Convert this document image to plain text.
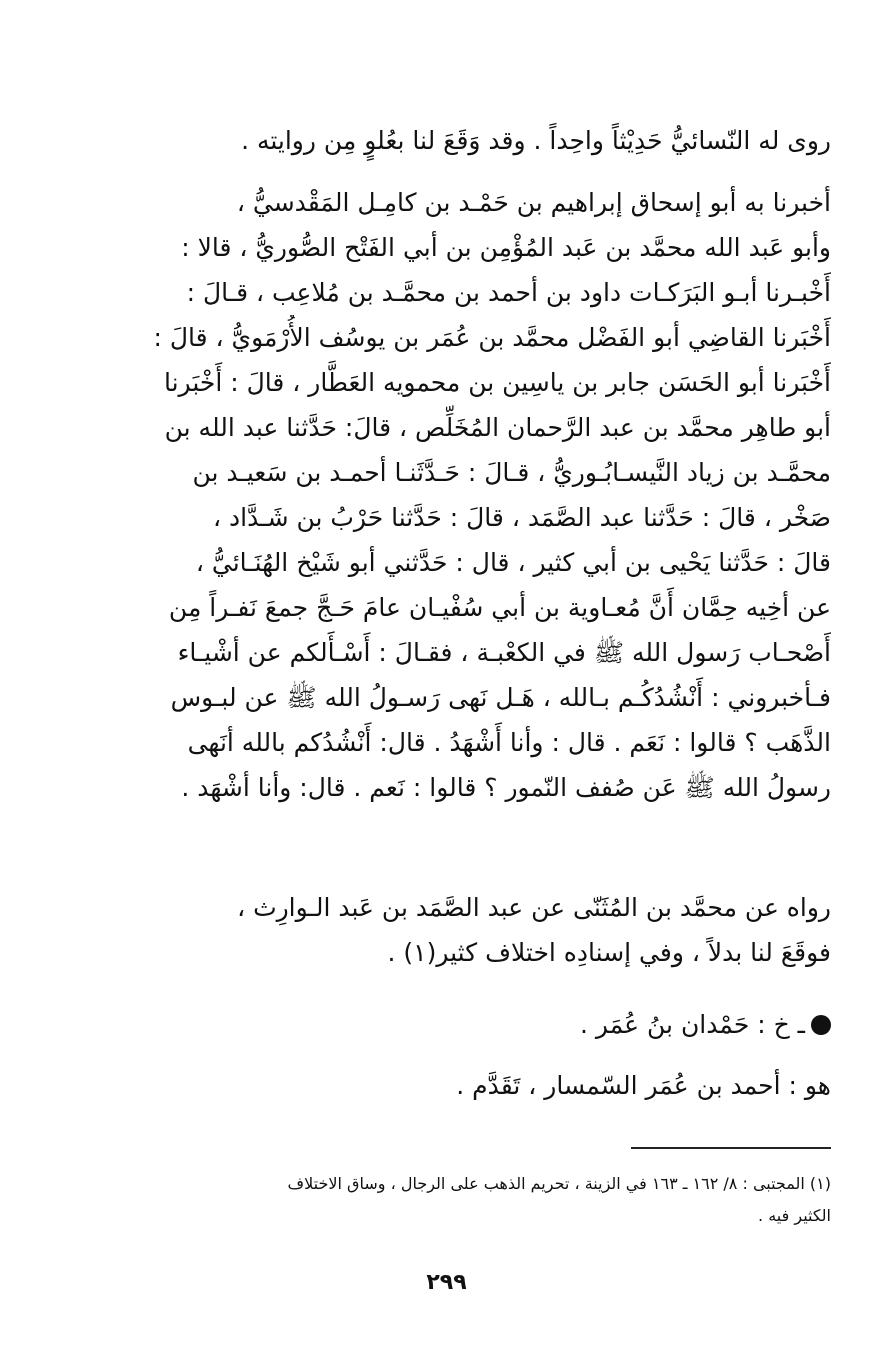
روى له النّسائيُّ حَدِيْثاً واحِداً . وقد وَقَعَ لنا بعُلوٍ مِن روايته .
أخبرنا به أبو إسحاق إبراهيم بن حَمْـد بن كامِـل المَقْدسيُّ ،
وأبو عَبد الله محمَّد بن عَبد المُؤْمِن بن أبي الفَتْح الصُّوريُّ ، قالا :
أَخْبـرنا أبـو البَرَكـات داود بن أحمد بن محمَّـد بن مُلاعِب ، قـالَ :
أَخْبَرنا القاضِي أبو الفَضْل محمَّد بن عُمَر بن يوسُف الأُرْمَويُّ ، قالَ :
أَخْبَرنا أبو الحَسَن جابر بن ياسِين بن محمويه العَطَّار ، قالَ : أَخْبَرنا
أبو طاهِر محمَّد بن عبد الرَّحمان المُخَلِّص ، قالَ: حَدَّثنا عبد الله بن
محمَّـد بن زياد النَّيسـابُـوريُّ ، قـالَ : حَـدَّثَنـا أحمـد بن سَعيـد بن
صَخْر ، قالَ : حَدَّثنا عبد الصَّمَد ، قالَ : حَدَّثنا حَرْبُ بن شَـدَّاد ،
قالَ : حَدَّثنا يَحْيى بن أبي كثير ، قال : حَدَّثني أبو شَيْخ الهُنَـائيُّ ،
عن أخِيه حِمَّان أَنَّ مُعـاوية بن أبي سُفْيـان عامَ حَـجَّ جمعَ نَفـراً مِن
أَصْحـاب رَسول الله ﷺ في الكعْبـة ، فقـالَ : أَسْـأَلكم عن أشْيـاء
فـأخبروني : أَنْشُدُكُـم بـالله ، هَـل نَهى رَسـولُ الله ﷺ عن لبـوس
الذَّهَب ؟ قالوا : نَعَم . قال : وأنا أَشْهَدُ . قال: أَنْشُدُكم بالله أنَهى
رسولُ الله ﷺ عَن صُفف النّمور ؟ قالوا : نَعم . قال: وأنا أشْهَد .
رواه عن محمَّد بن المُثَنّى عن عبد الصَّمَد بن عَبد الـوارِث ،
فوقَعَ لنا بدلاً ، وفي إسنادِه اختلاف كثير(١) .
ـ خ : حَمْدان بنُ عُمَر .
هو : أحمد بن عُمَر السّمسار ، تَقَدَّم .
(١) المجتبى : ٨/ ١٦٢ ـ ١٦٣ في الزينة ، تحريم الذهب على الرجال ، وساق الاختلاف
الكثير فيه .
٢٩٩
